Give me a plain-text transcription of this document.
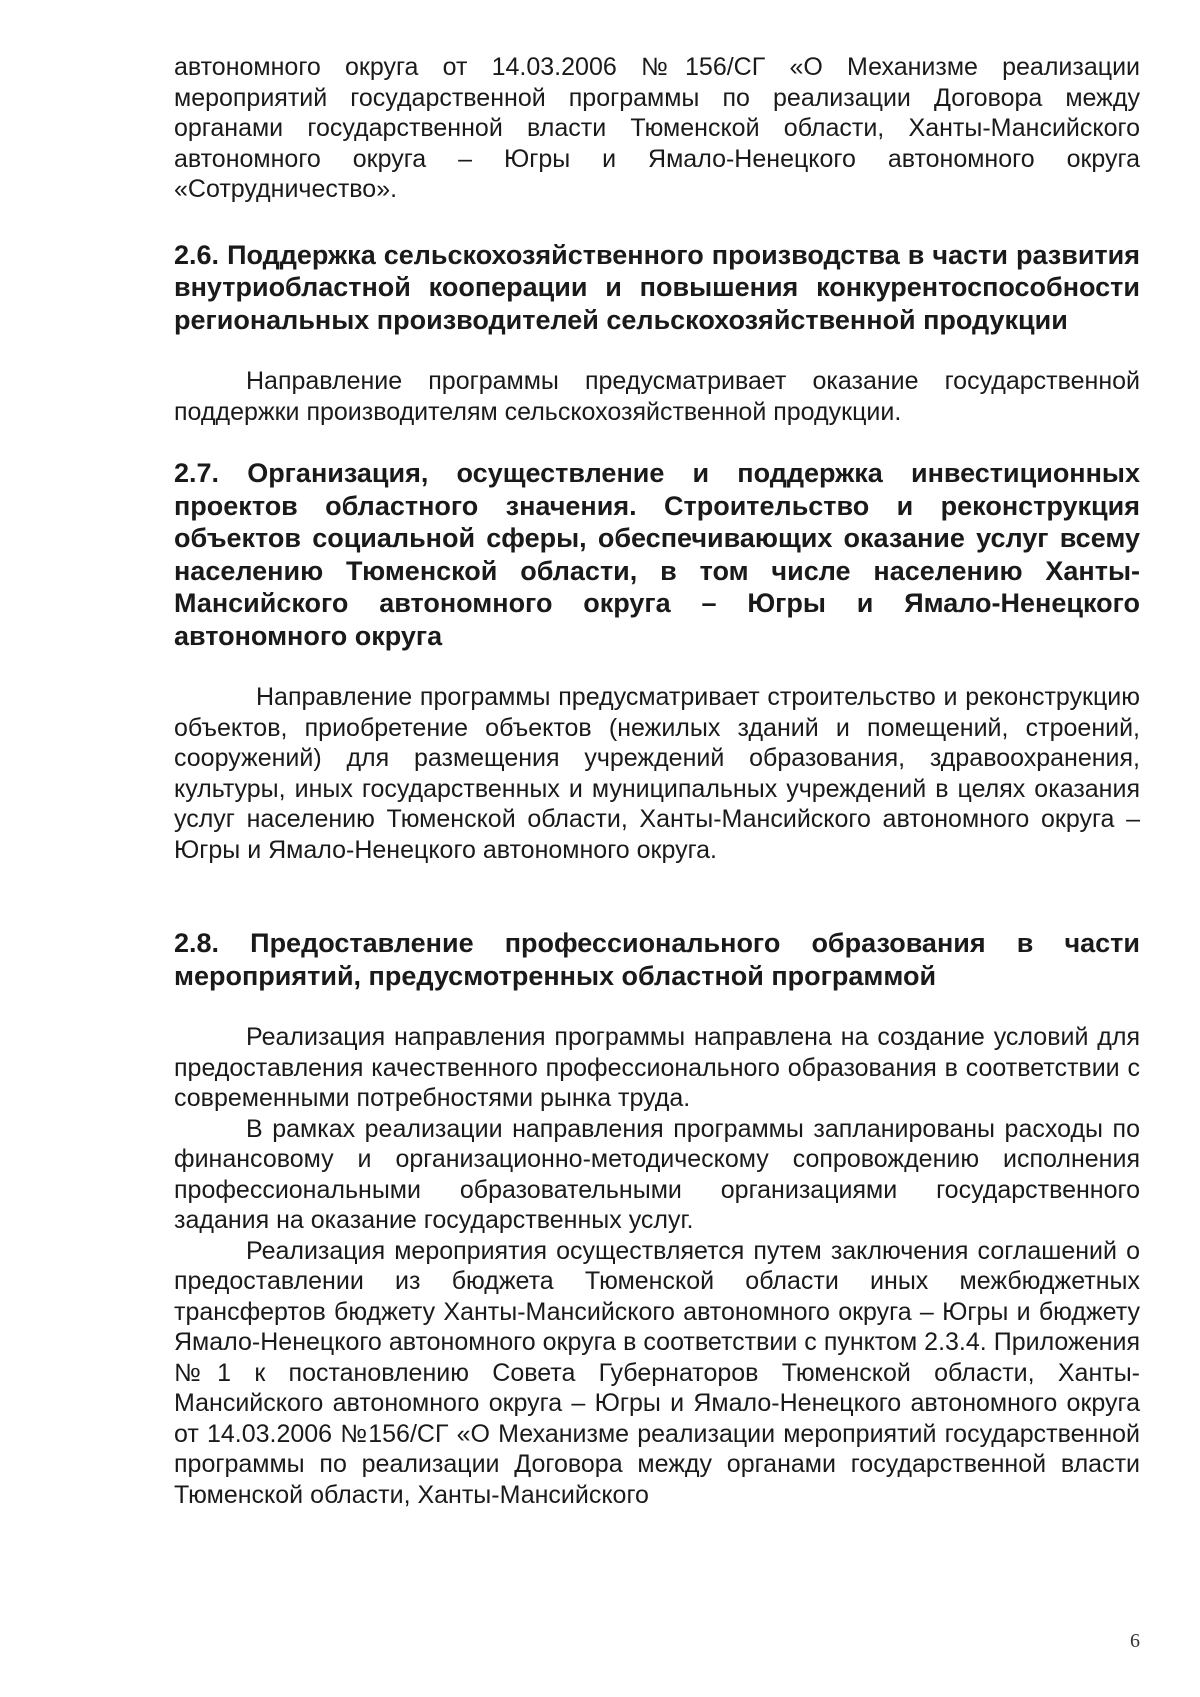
автономного округа от 14.03.2006 №156/СГ «О Механизме реализации мероприятий государственной программы по реализации Договора между органами государственной власти Тюменской области, Ханты-Мансийского автономного округа – Югры и Ямало-Ненецкого автономного округа «Сотрудничество».

2.6. Поддержка сельскохозяйственного производства в части развития внутриобластной кооперации и повышения конкурентоспособности региональных производителей сельскохозяйственной продукции

Направление программы предусматривает оказание государственной поддержки производителям сельскохозяйственной продукции.

2.7. Организация, осуществление и поддержка инвестиционных проектов областного значения. Строительство и реконструкция объектов социальной сферы, обеспечивающих оказание услуг всему населению Тюменской области, в том числе населению Ханты-Мансийского автономного округа – Югры и Ямало-Ненецкого автономного округа

Направление программы предусматривает строительство и реконструкцию объектов, приобретение объектов (нежилых зданий и помещений, строений, сооружений) для размещения учреждений образования, здравоохранения, культуры, иных государственных и муниципальных учреждений в целях оказания услуг населению Тюменской области, Ханты-Мансийского автономного округа – Югры и Ямало-Ненецкого автономного округа.

2.8. Предоставление профессионального образования в части мероприятий, предусмотренных областной программой

Реализация направления программы направлена на создание условий для предоставления качественного профессионального образования в соответствии с современными потребностями рынка труда.

В рамках реализации направления программы запланированы расходы по финансовому и организационно-методическому сопровождению исполнения профессиональными образовательными организациями государственного задания на оказание государственных услуг.

Реализация мероприятия осуществляется путем заключения соглашений о предоставлении из бюджета Тюменской области иных межбюджетных трансфертов бюджету Ханты-Мансийского автономного округа – Югры и бюджету Ямало-Ненецкого автономного округа в соответствии с пунктом 2.3.4. Приложения №1 к постановлению Совета Губернаторов Тюменской области, Ханты-Мансийского автономного округа – Югры и Ямало-Ненецкого автономного округа от 14.03.2006 №156/СГ «О Механизме реализации мероприятий государственной программы по реализации Договора между органами государственной власти Тюменской области, Ханты-Мансийского

6
